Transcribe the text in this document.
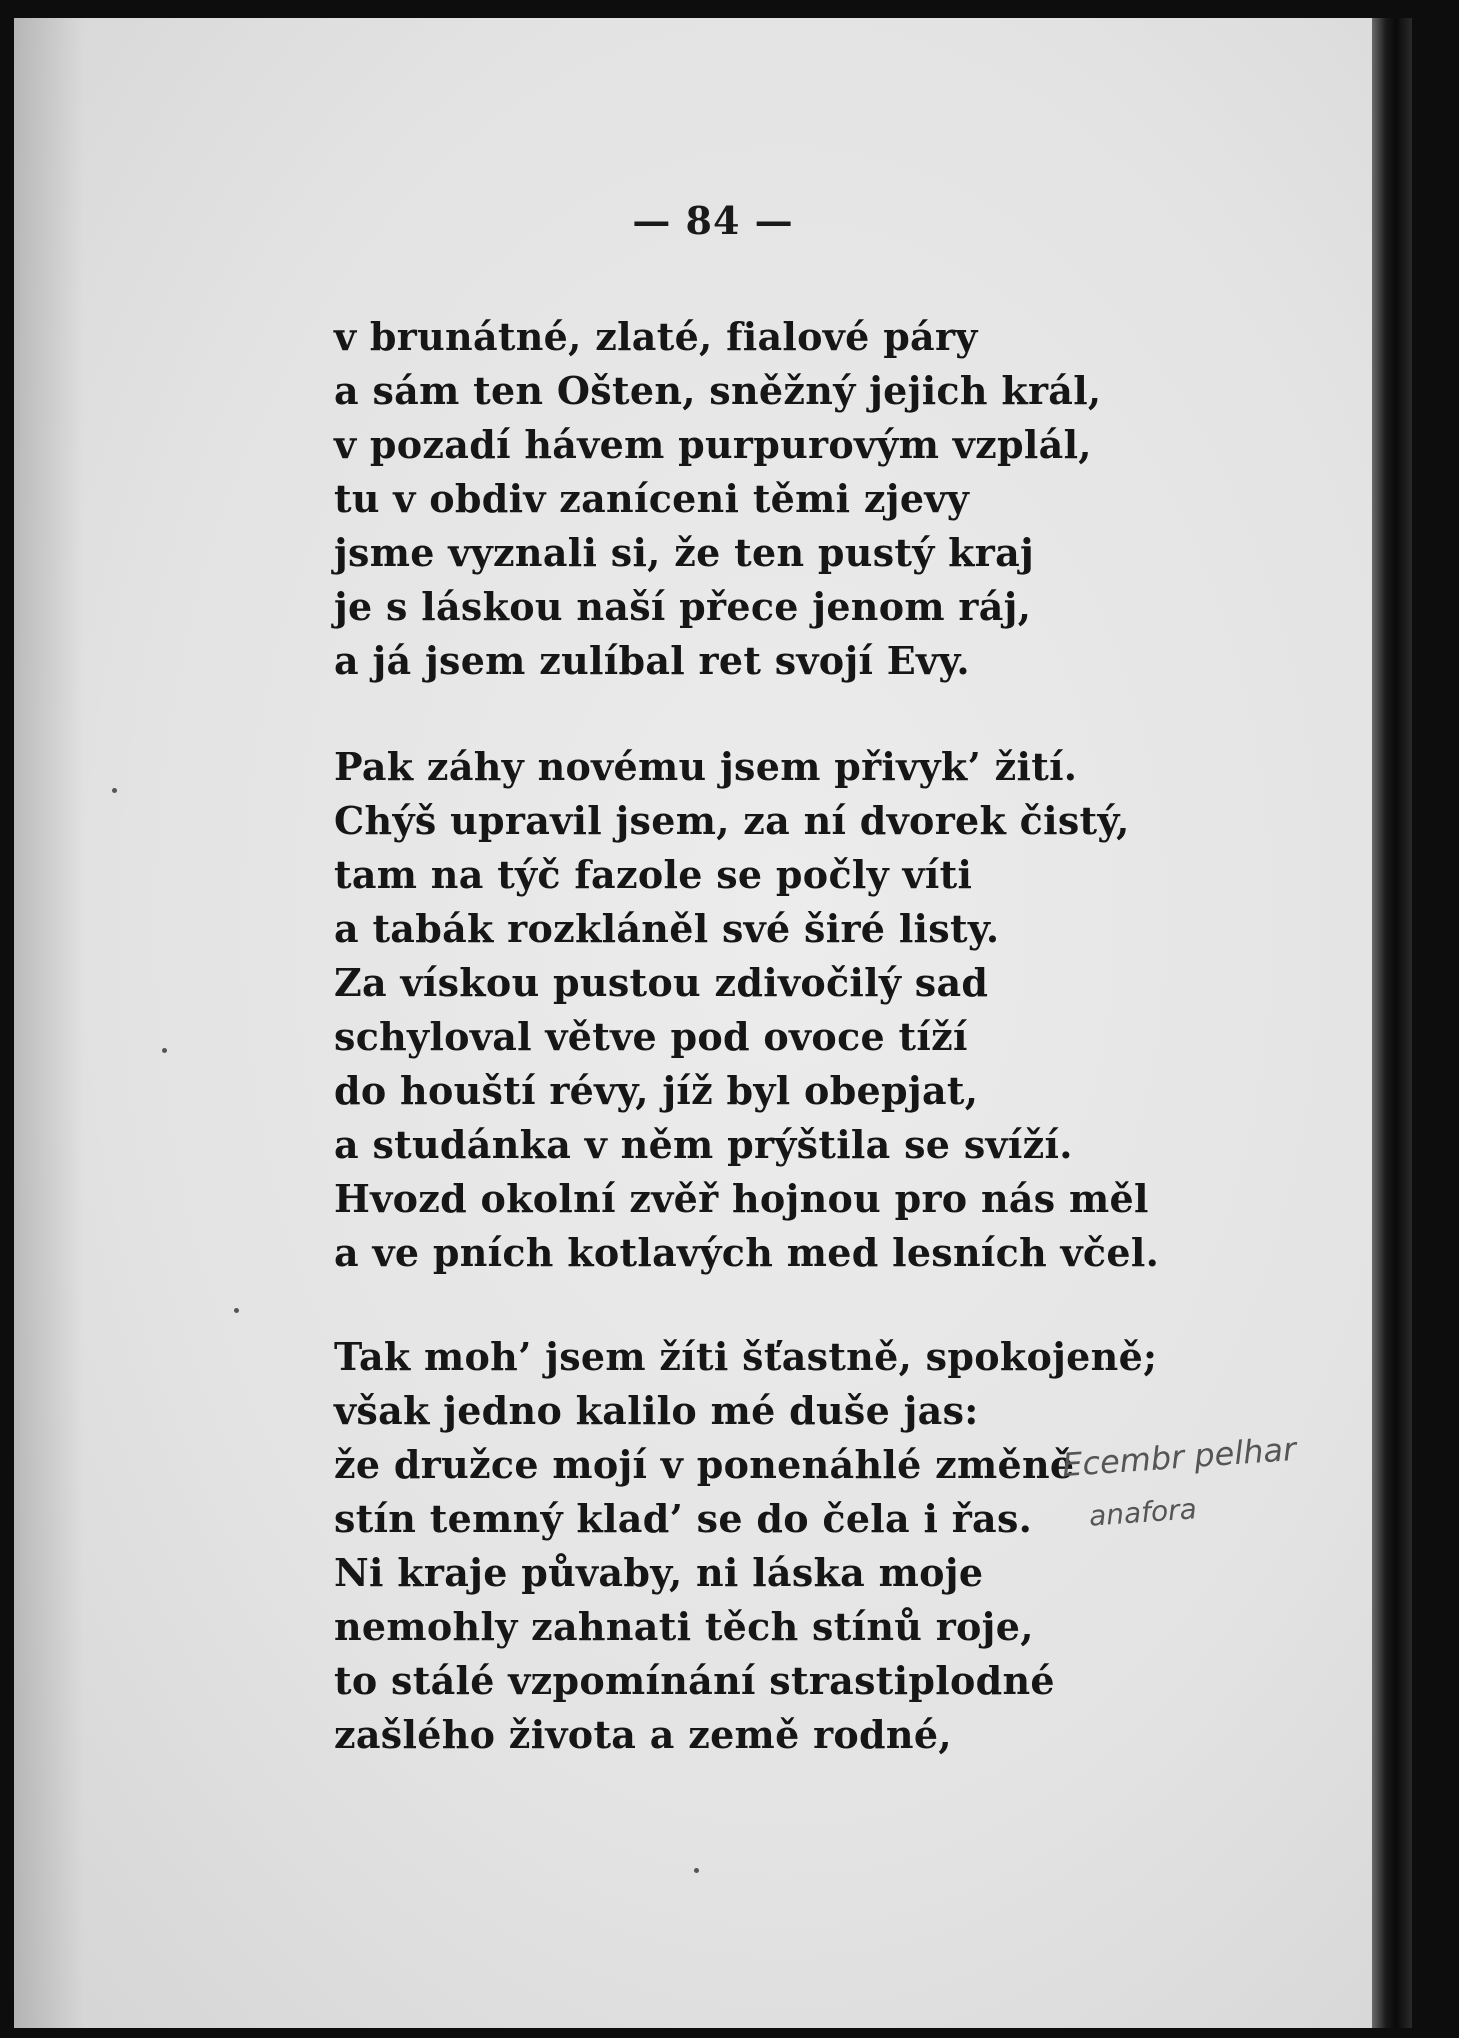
— 84 —
v brunátné, zlaté, fialové páry
a sám ten Ošten, sněžný jejich král,
v pozadí hávem purpurovým vzplál,
tu v obdiv zaníceni těmi zjevy
jsme vyznali si, že ten pustý kraj
je s láskou naší přece jenom ráj,
a já jsem zulíbal ret svojí Evy.
Pak záhy novému jsem přivyk’ žití.
Chýš upravil jsem, za ní dvorek čistý,
tam na týč fazole se počly víti
a tabák rozkláněl své širé listy.
Za vískou pustou zdivočilý sad
schyloval větve pod ovoce tíží
do houští révy, jíž byl obepjat,
a studánka v něm prýštila se svíží.
Hvozd okolní zvěř hojnou pro nás měl
a ve pních kotlavých med lesních včel.
Tak moh’ jsem žíti šťastně, spokojeně;
však jedno kalilo mé duše jas:
že družce mojí v ponenáhlé změně
stín temný klad’ se do čela i řas.
Ni kraje půvaby, ni láska moje
nemohly zahnati těch stínů roje,
to stálé vzpomínání strastiplodné
zašlého života a země rodné,
Ecembr pelhar
anafora
